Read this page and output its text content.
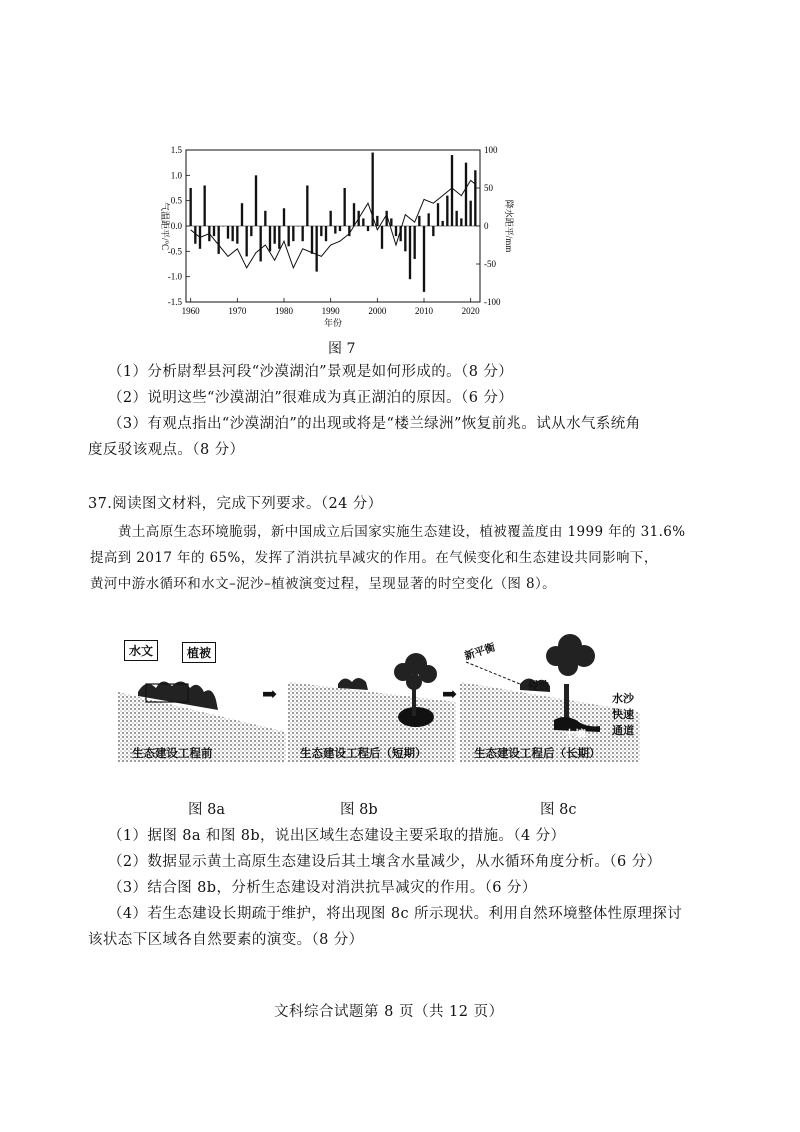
1.5
1.0
0.5
0.0
-0.5
-1.0
-1.5
100
50
0
-50
-100
1960	1970	1980	1990	2000	2010	2020
年份
气温距平/°C	降水距平/mm
图 7
（1）分析尉犁县河段“沙漠湖泊”景观是如何形成的。（8 分）
（2）说明这些“沙漠湖泊”很难成为真正湖泊的原因。（6 分）
（3）有观点指出“沙漠湖泊”的出现或将是“楼兰绿洲”恢复前兆。试从水气系统角
度反驳该观点。（8 分）
37.阅读图文材料，完成下列要求。（24 分）
黄土高原生态环境脆弱，新中国成立后国家实施生态建设，植被覆盖度由 1999 年的 31.6%
提高到 2017 年的 65%，发挥了消洪抗旱减灾的作用。在气候变化和生态建设共同影响下，
黄河中游水循环和水文–泥沙–植被演变过程，呈现显著的时空变化（图 8）。
水文	植被
生态建设工程前
➡
生态建设工程后（短期）
➡
新平衡
侵蚀
水沙
快速
通道
土壤
生态建设工程后（长期）
图 8a	图 8b	图 8c
（1）据图 8a 和图 8b，说出区域生态建设主要采取的措施。（4 分）
（2）数据显示黄土高原生态建设后其土壤含水量减少，从水循环角度分析。（6 分）
（3）结合图 8b，分析生态建设对消洪抗旱减灾的作用。（6 分）
（4）若生态建设长期疏于维护，将出现图 8c 所示现状。利用自然环境整体性原理探讨
该状态下区域各自然要素的演变。（8 分）
文科综合试题第 8 页（共 12 页）
